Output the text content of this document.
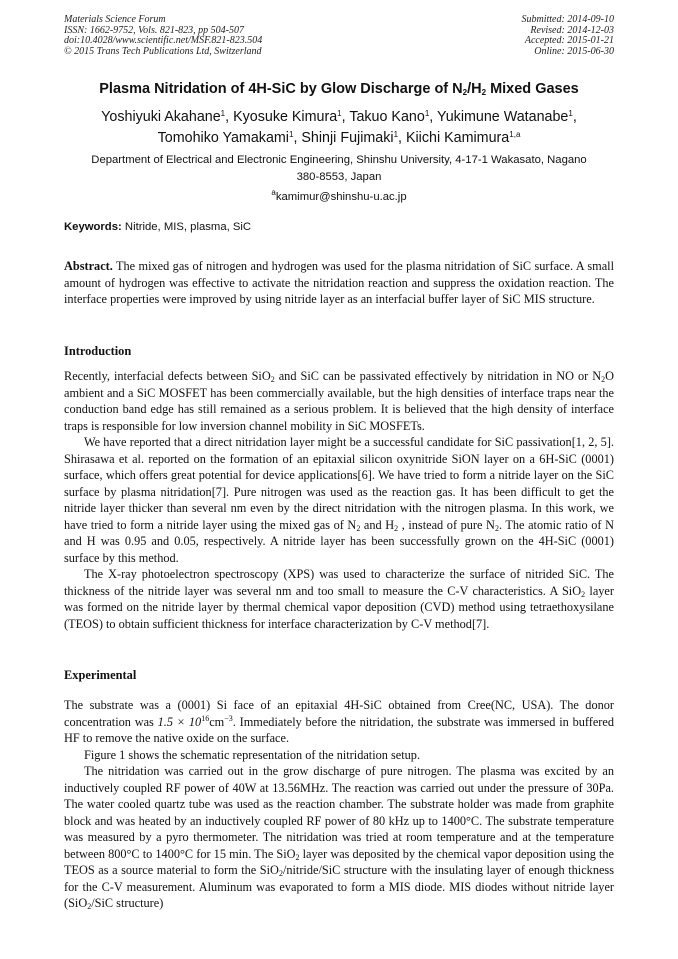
Materials Science Forum
ISSN: 1662-9752, Vols. 821-823, pp 504-507
doi:10.4028/www.scientific.net/MSF.821-823.504
© 2015 Trans Tech Publications Ltd, Switzerland
Submitted: 2014-09-10
Revised: 2014-12-03
Accepted: 2015-01-21
Online: 2015-06-30
Plasma Nitridation of 4H-SiC by Glow Discharge of $N_2/H_2$ Mixed Gases
Yoshiyuki Akahane$^1$, Kyosuke Kimura$^1$, Takuo Kano$^1$, Yukimune Watanabe$^1$,
Tomohiko Yamakami$^1$, Shinji Fujimaki$^1$, Kiichi Kamimura$^{1,a}$
Department of Electrical and Electronic Engineering, Shinshu University, 4-17-1 Wakasato, Nagano
380-8553, Japan
$^a$kamimur@shinshu-u.ac.jp
Keywords: Nitride, MIS, plasma, SiC

Abstract. The mixed gas of nitrogen and hydrogen was used for the plasma nitridation of SiC surface. A small amount of hydrogen was effective to activate the nitridation reaction and suppress the oxidation reaction. The interface properties were improved by using nitride layer as an interfacial buffer layer of SiC MIS structure.

Introduction

Recently, interfacial defects between SiO$_2$ and SiC can be passivated effectively by nitridation in NO or $N_2O$ ambient and a SiC MOSFET has been commercially available, but the high densities of interface traps near the conduction band edge has still remained as a serious problem. It is believed that the high density of interface traps is responsible for low inversion channel mobility in SiC MOSFETs.

We have reported that a direct nitridation layer might be a successful candidate for SiC passivation[1, 2, 5]. Shirasawa et al. reported on the formation of an epitaxial silicon oxynitride SiON layer on a 6H-SiC (0001) surface, which offers great potential for device applications[6]. We have tried to form a nitride layer on the SiC surface by plasma nitridation[7]. Pure nitrogen was used as the reaction gas. It has been difficult to get the nitride layer thicker than several nm even by the direct nitridation with the nitrogen plasma. In this work, we have tried to form a nitride layer using the mixed gas of $N_2$ and $H_2$ , instead of pure $N_2$. The atomic ratio of N and H was 0.95 and 0.05, respectively. A nitride layer has been successfully grown on the 4H-SiC (0001) surface by this method.

The X-ray photoelectron spectroscopy (XPS) was used to characterize the surface of nitrided SiC. The thickness of the nitride layer was several nm and too small to measure the C-V characteristics. A SiO$_2$ layer was formed on the nitride layer by thermal chemical vapor deposition (CVD) method using tetraethoxysilane (TEOS) to obtain sufficient thickness for interface characterization by C-V method[7].

Experimental

The substrate was a (0001) Si face of an epitaxial 4H-SiC obtained from Cree(NC, USA). The donor concentration was $1.5 \times 10^{16}cm^{-3}$. Immediately before the nitridation, the substrate was immersed in buffered HF to remove the native oxide on the surface.

Figure 1 shows the schematic representation of the nitridation setup.

The nitridation was carried out in the grow discharge of pure nitrogen. The plasma was excited by an inductively coupled RF power of 40W at 13.56MHz. The reaction was carried out under the pressure of 30Pa. The water cooled quartz tube was used as the reaction chamber. The substrate holder was made from graphite block and was heated by an inductively coupled RF power of 80 kHz up to 1400°C. The substrate temperature was measured by a pyro thermometer. The nitridation was tried at room temperature and at the temperature between 800°C to 1400°C for 15 min. The SiO$_2$ layer was deposited by the chemical vapor deposition using the TEOS as a source material to form the SiO$_2$/nitride/SiC structure with the insulating layer of enough thickness for the C-V measurement. Aluminum was evaporated to form a MIS diode. MIS diodes without nitride layer (SiO$_2$/SiC structure)
